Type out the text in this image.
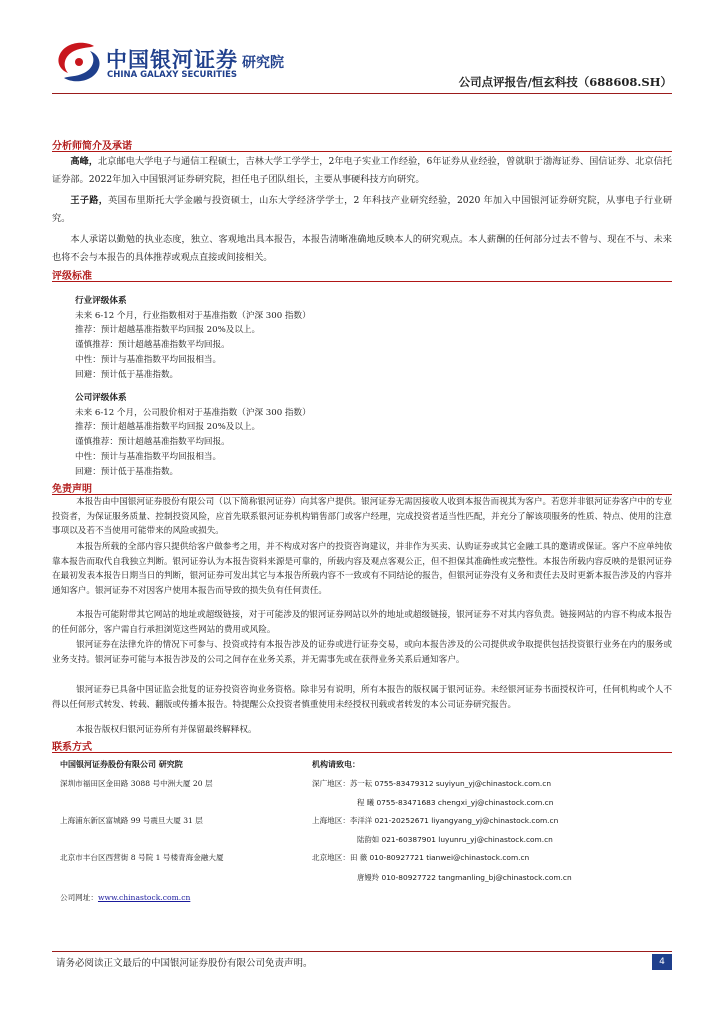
中国银河证券
CHINA GALAXY SECURITIES
研究院
公司点评报告/恒玄科技（688608.SH）
分析师简介及承诺
高峰，北京邮电大学电子与通信工程硕士，吉林大学工学学士，2年电子实业工作经验，6年证券从业经验，曾就职于渤海证券、国信证券、北京信托证券部。2022年加入中国银河证券研究院，担任电子团队组长，主要从事硬科技方向研究。
王子路，英国布里斯托大学金融与投资硕士，山东大学经济学学士，2 年科技产业研究经验，2020 年加入中国银河证券研究院，从事电子行业研究。
本人承诺以勤勉的执业态度，独立、客观地出具本报告，本报告清晰准确地反映本人的研究观点。本人薪酬的任何部分过去不曾与、现在不与、未来也将不会与本报告的具体推荐或观点直接或间接相关。
评级标准
行业评级体系
未来 6-12 个月，行业指数相对于基准指数（沪深 300 指数）
推荐：预计超越基准指数平均回报 20%及以上。
谨慎推荐：预计超越基准指数平均回报。
中性：预计与基准指数平均回报相当。
回避：预计低于基准指数。
公司评级体系
未来 6-12 个月，公司股价相对于基准指数（沪深 300 指数）
推荐：预计超越基准指数平均回报 20%及以上。
谨慎推荐：预计超越基准指数平均回报。
中性：预计与基准指数平均回报相当。
回避：预计低于基准指数。
免责声明
本报告由中国银河证券股份有限公司（以下简称银河证券）向其客户提供。银河证券无需因接收人收到本报告而视其为客户。若您并非银河证券客户中的专业投资者，为保证服务质量、控制投资风险，应首先联系银河证券机构销售部门或客户经理，完成投资者适当性匹配，并充分了解该项服务的性质、特点、使用的注意事项以及若不当使用可能带来的风险或损失。
本报告所载的全部内容只提供给客户做参考之用，并不构成对客户的投资咨询建议，并非作为买卖、认购证券或其它金融工具的邀请或保证。客户不应单纯依靠本报告而取代自我独立判断。银河证券认为本报告资料来源是可靠的，所载内容及观点客观公正，但不担保其准确性或完整性。本报告所载内容反映的是银河证券在最初发表本报告日期当日的判断，银河证券可发出其它与本报告所载内容不一致或有不同结论的报告，但银河证券没有义务和责任去及时更新本报告涉及的内容并通知客户。银河证券不对因客户使用本报告而导致的损失负有任何责任。
本报告可能附带其它网站的地址或超级链接，对于可能涉及的银河证券网站以外的地址或超级链接，银河证券不对其内容负责。链接网站的内容不构成本报告的任何部分，客户需自行承担浏览这些网站的费用或风险。
银河证券在法律允许的情况下可参与、投资或持有本报告涉及的证券或进行证券交易，或向本报告涉及的公司提供或争取提供包括投资银行业务在内的服务或业务支持。银河证券可能与本报告涉及的公司之间存在业务关系，并无需事先或在获得业务关系后通知客户。
银河证券已具备中国证监会批复的证券投资咨询业务资格。除非另有说明，所有本报告的版权属于银河证券。未经银河证券书面授权许可，任何机构或个人不得以任何形式转发、转载、翻版或传播本报告。特提醒公众投资者慎重使用未经授权刊载或者转发的本公司证券研究报告。
本报告版权归银河证券所有并保留最终解释权。
联系方式
中国银河证券股份有限公司 研究院
深圳市福田区金田路 3088 号中洲大厦 20 层
上海浦东新区富城路 99 号震旦大厦 31 层
北京市丰台区西营街 8 号院 1 号楼青海金融大厦
公司网址：www.chinastock.com.cn
机构请致电：
深广地区：苏一耘 0755-83479312 suyiyun_yj@chinastock.com.cn
程 曦 0755-83471683 chengxi_yj@chinastock.com.cn
上海地区：李洋洋 021-20252671 liyangyang_yj@chinastock.com.cn
陆韵如 021-60387901 luyunru_yj@chinastock.com.cn
北京地区：田 薇 010-80927721 tianwei@chinastock.com.cn
唐嫚羚 010-80927722 tangmanling_bj@chinastock.com.cn
请务必阅读正文最后的中国银河证券股份有限公司免责声明。	4
